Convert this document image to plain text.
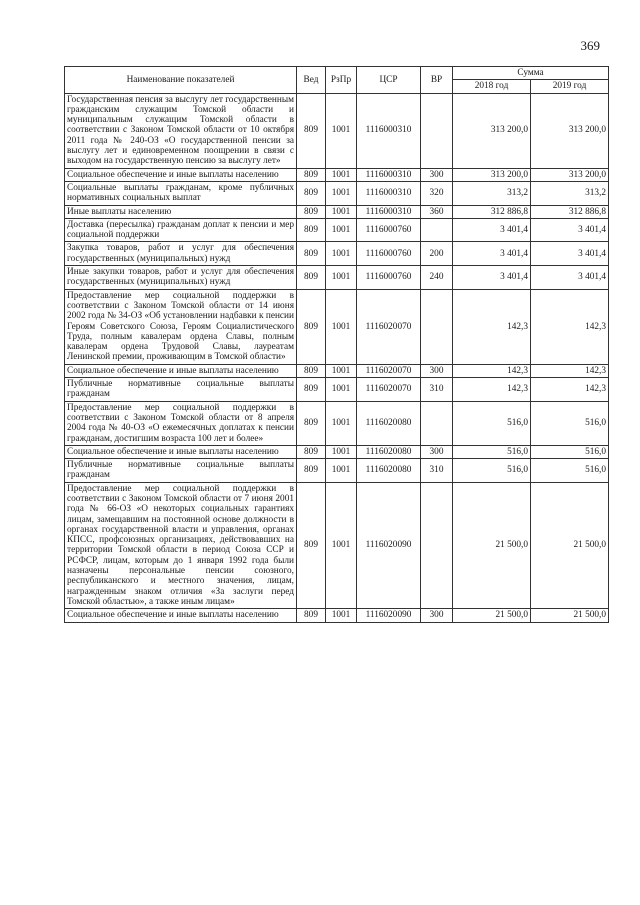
369
Наименование показателей	Вед	РзПр	ЦСР	ВР	Сумма	
					2018 год	2019 год
Государственная пенсия за выслугу лет государственным гражданским служащим Томской области и муниципальным служащим Томской области в соответствии с Законом Томской области от 10 октября 2011 года № 240-ОЗ «О государственной пенсии за выслугу лет и единовременном поощрении в связи с выходом на государственную пенсию за выслугу лет»	809	1001	1116000310		313 200,0	313 200,0
Социальное обеспечение и иные выплаты населению	809	1001	1116000310	300	313 200,0	313 200,0
Социальные выплаты гражданам, кроме публичных нормативных социальных выплат	809	1001	1116000310	320	313,2	313,2
Иные выплаты населению	809	1001	1116000310	360	312 886,8	312 886,8
Доставка (пересылка) гражданам доплат к пенсии и мер социальной поддержки	809	1001	1116000760		3 401,4	3 401,4
Закупка товаров, работ и услуг для обеспечения государственных (муниципальных) нужд	809	1001	1116000760	200	3 401,4	3 401,4
Иные закупки товаров, работ и услуг для обеспечения государственных (муниципальных) нужд	809	1001	1116000760	240	3 401,4	3 401,4
Предоставление мер социальной поддержки в соответствии с Законом Томской области от 14 июня 2002 года № 34-ОЗ «Об установлении надбавки к пенсии Героям Советского Союза, Героям Социалистического Труда, полным кавалерам ордена Славы, полным кавалерам ордена Трудовой Славы, лауреатам Ленинской премии, проживающим в Томской области»	809	1001	1116020070		142,3	142,3
Социальное обеспечение и иные выплаты населению	809	1001	1116020070	300	142,3	142,3
Публичные нормативные социальные выплаты гражданам	809	1001	1116020070	310	142,3	142,3
Предоставление мер социальной поддержки в соответствии с Законом Томской области от 8 апреля 2004 года № 40-ОЗ «О ежемесячных доплатах к пенсии гражданам, достигшим возраста 100 лет и более»	809	1001	1116020080		516,0	516,0
Социальное обеспечение и иные выплаты населению	809	1001	1116020080	300	516,0	516,0
Публичные нормативные социальные выплаты гражданам	809	1001	1116020080	310	516,0	516,0
Предоставление мер социальной поддержки в соответствии с Законом Томской области от 7 июня 2001 года № 66-ОЗ «О некоторых социальных гарантиях лицам, замещавшим на постоянной основе должности в органах государственной власти и управления, органах КПСС, профсоюзных организациях, действовавших на территории Томской области в период Союза ССР и РСФСР, лицам, которым до 1 января 1992 года были назначены персональные пенсии союзного, республиканского и местного значения, лицам, награжденным знаком отличия «За заслуги перед Томской областью», а также иным лицам»	809	1001	1116020090		21 500,0	21 500,0
Социальное обеспечение и иные выплаты населению	809	1001	1116020090	300	21 500,0	21 500,0
